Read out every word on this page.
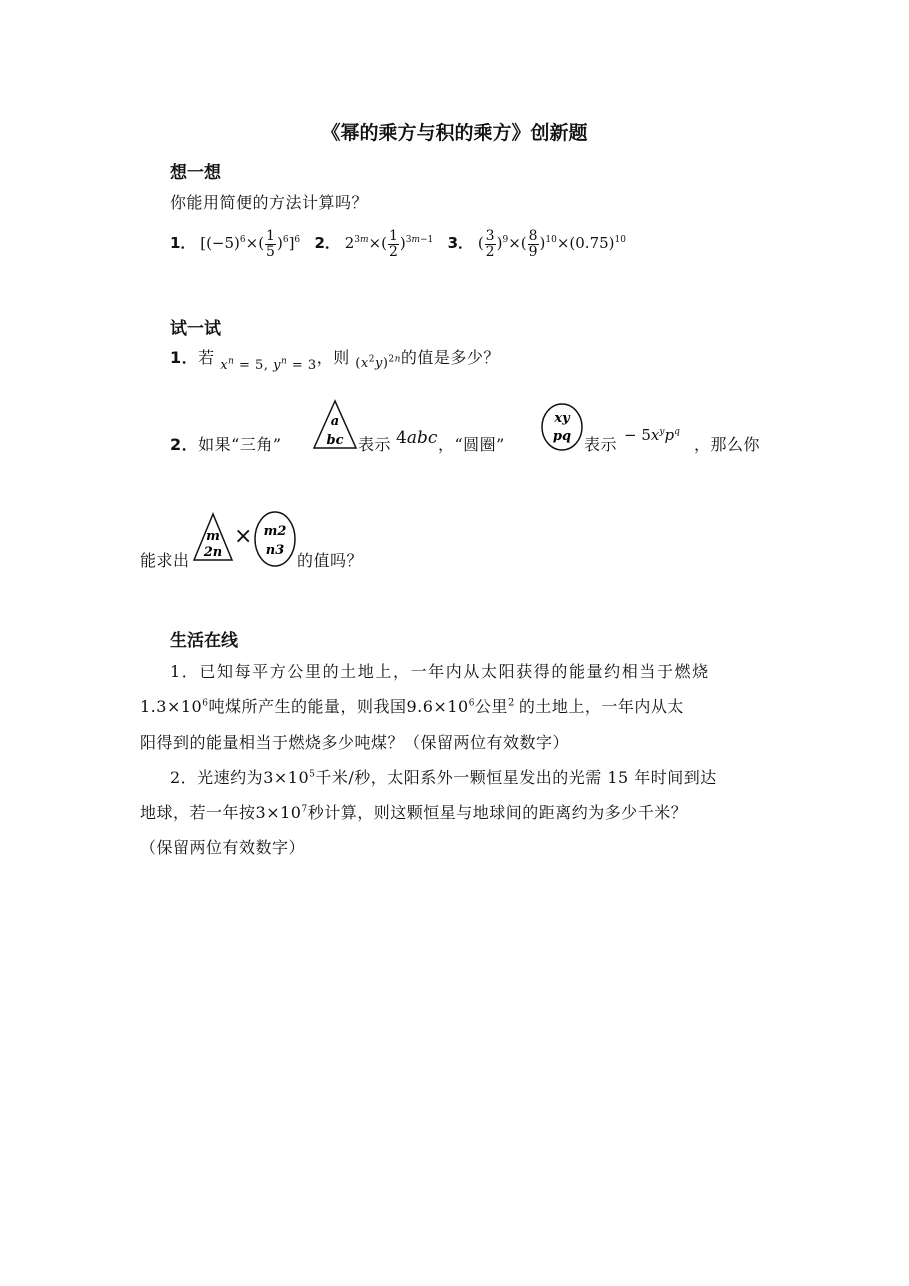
《幂的乘方与积的乘方》创新题
想一想
你能用简便的方法计算吗？
1． $[(-5)^6\times( \frac{1}{5} )^6]^6$ 2． $2^{3m}\times( \frac{1}{2} )^{3m-1}$ 3． ( $\frac{3}{2} )^9\times( \frac{8}{9} )^{10}\times(0.75)^{10}$
试一试
1．若 $_{x^n = 5, y^n = 3}$，则 $_{(x^2y)^{2n}}$的值是多少？
2．如果“三角”
a
bc 表示 4abc ，“圆圈”
xy
pq 表示 − $5x^yp^q$
，那么你
能求出
m
2n
× m2
n3
的值吗？
生活在线
1．已知每平方公里的土地上，一年内从太阳获得的能量约相当于燃烧
$1.3\times 10^6$吨煤所产生的能量，则我国$9.6\times 10^6$公里$^2$ 的土地上，一年内从太
阳得到的能量相当于燃烧多少吨煤？（保留两位有效数字）
2．光速约为$3\times 10^5$千米/秒，太阳系外一颗恒星发出的光需 15 年时间到达
地球，若一年按$3\times 10^7$秒计算，则这颗恒星与地球间的距离约为多少千米？
（保留两位有效数字）
